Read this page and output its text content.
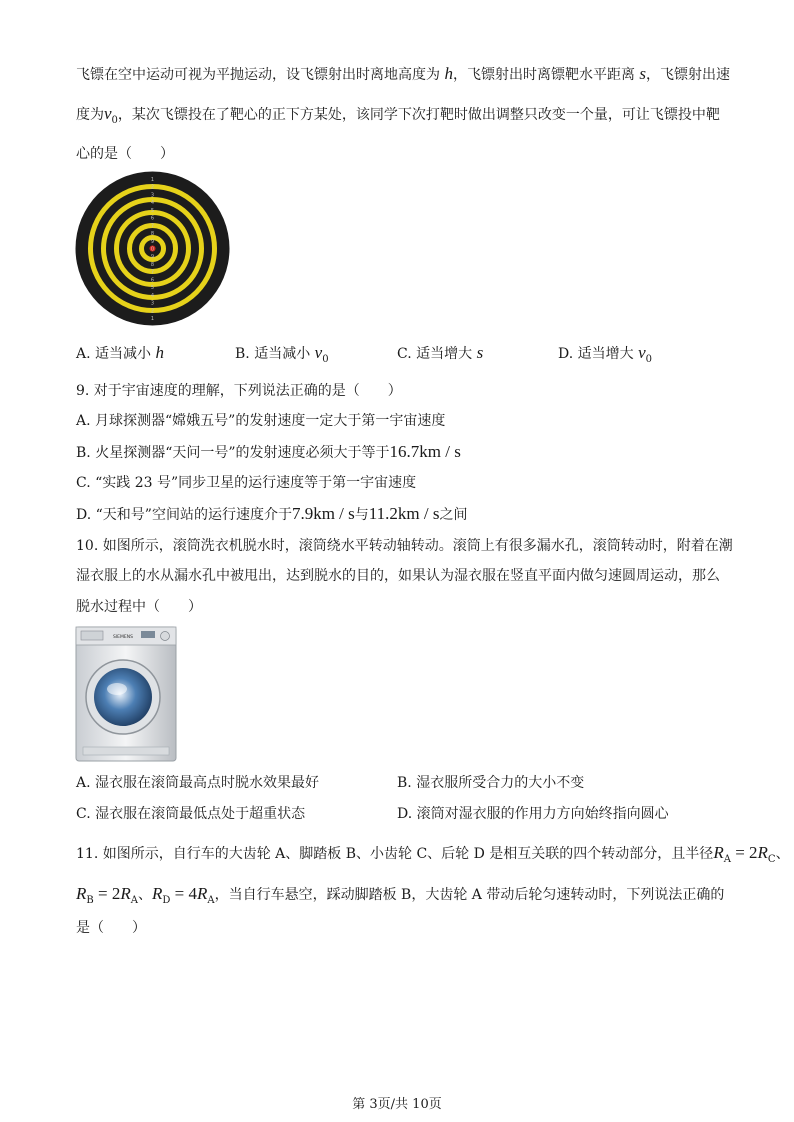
飞镖在空中运动可视为平抛运动，设飞镖射出时离地高度为 h，飞镖射出时离镖靶水平距离 s，飞镖射出速
度为$v_0$，某次飞镖投在了靶心的正下方某处，该同学下次打靶时做出调整只改变一个量，可让飞镖投中靶
心的是（　　）
1
2
3
4
5
6
7
8
9
0
9
8
7
6
5
4
3
2
1
A. 适当减小 h	B. 适当减小 $v_0$	C. 适当增大 s	D. 适当增大 $v_0$
9. 对于宇宙速度的理解，下列说法正确的是（　　）
A. 月球探测器“嫦娥五号”的发射速度一定大于第一宇宙速度
B. 火星探测器“天问一号”的发射速度必须大于等于16.7km / s
C. “实践 23 号”同步卫星的运行速度等于第一宇宙速度
D. “天和号”空间站的运行速度介于7.9km / s与11.2km / s之间
10. 如图所示，滚筒洗衣机脱水时，滚筒绕水平转动轴转动。滚筒上有很多漏水孔，滚筒转动时，附着在潮
湿衣服上的水从漏水孔中被甩出，达到脱水的目的，如果认为湿衣服在竖直平面内做匀速圆周运动，那么
脱水过程中（　　）
SIEMENS
A. 湿衣服在滚筒最高点时脱水效果最好	B. 湿衣服所受合力的大小不变
C. 湿衣服在滚筒最低点处于超重状态	D. 滚筒对湿衣服的作用力方向始终指向圆心
11. 如图所示，自行车的大齿轮 A、脚踏板 B、小齿轮 C、后轮 D 是相互关联的四个转动部分，且半径$R_A = 2R_C$、
$R_B = 2R_A$、$R_D = 4R_A$，当自行车悬空，踩动脚踏板 B，大齿轮 A 带动后轮匀速转动时，下列说法正确的
是（　　）
第 3页/共 10页
